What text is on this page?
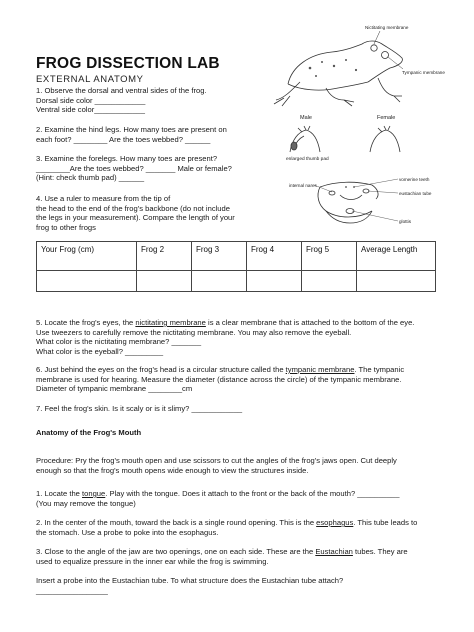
FROG DISSECTION LAB
EXTERNAL ANATOMY
1. Observe the dorsal and ventral sides of the frog.
Dorsal side color ____________
Ventral side color____________
2. Examine the hind legs. How many toes are present on
each foot? ________ Are the toes webbed? ______
3. Examine the forelegs. How many toes are present?
________Are the toes webbed? _______ Male or female?
(Hint: check thumb pad) ______
4. Use a ruler to measure from the tip of
the head to the end of the frog's backbone (do not include
the legs in your measurement). Compare the length of your
frog to other frogs
Nictitating membrane
Tympanic membrane
Male	Female
enlarged thumb pad
internal nares
vomerine teeth
eustachian tube
glottis
Your Frog (cm)	Frog 2	Frog 3	Frog 4	Frog 5	Average Length

5. Locate the frog's eyes, the nictitating membrane is a clear membrane that is attached to the bottom of the eye.
Use tweezers to carefully remove the nictitating membrane. You may also remove the eyeball.
What color is the nictitating membrane? _______
What color is the eyeball? _________
6. Just behind the eyes on the frog's head is a circular structure called the tympanic membrane. The tympanic
membrane is used for hearing. Measure the diameter (distance across the circle) of the tympanic membrane.
Diameter of tympanic membrane ________cm
7. Feel the frog's skin. Is it scaly or is it slimy? ____________
Anatomy of the Frog's Mouth
Procedure: Pry the frog's mouth open and use scissors to cut the angles of the frog's jaws open. Cut deeply
enough so that the frog's mouth opens wide enough to view the structures inside.
1. Locate the tongue. Play with the tongue. Does it attach to the front or the back of the mouth? __________
(You may remove the tongue)
2. In the center of the mouth, toward the back is a single round opening. This is the esophagus. This tube leads to
the stomach. Use a probe to poke into the esophagus.
3. Close to the angle of the jaw are two openings, one on each side. These are the Eustachian tubes. They are
used to equalize pressure in the inner ear while the frog is swimming.
Insert a probe into the Eustachian tube. To what structure does the Eustachian tube attach?
_________________
